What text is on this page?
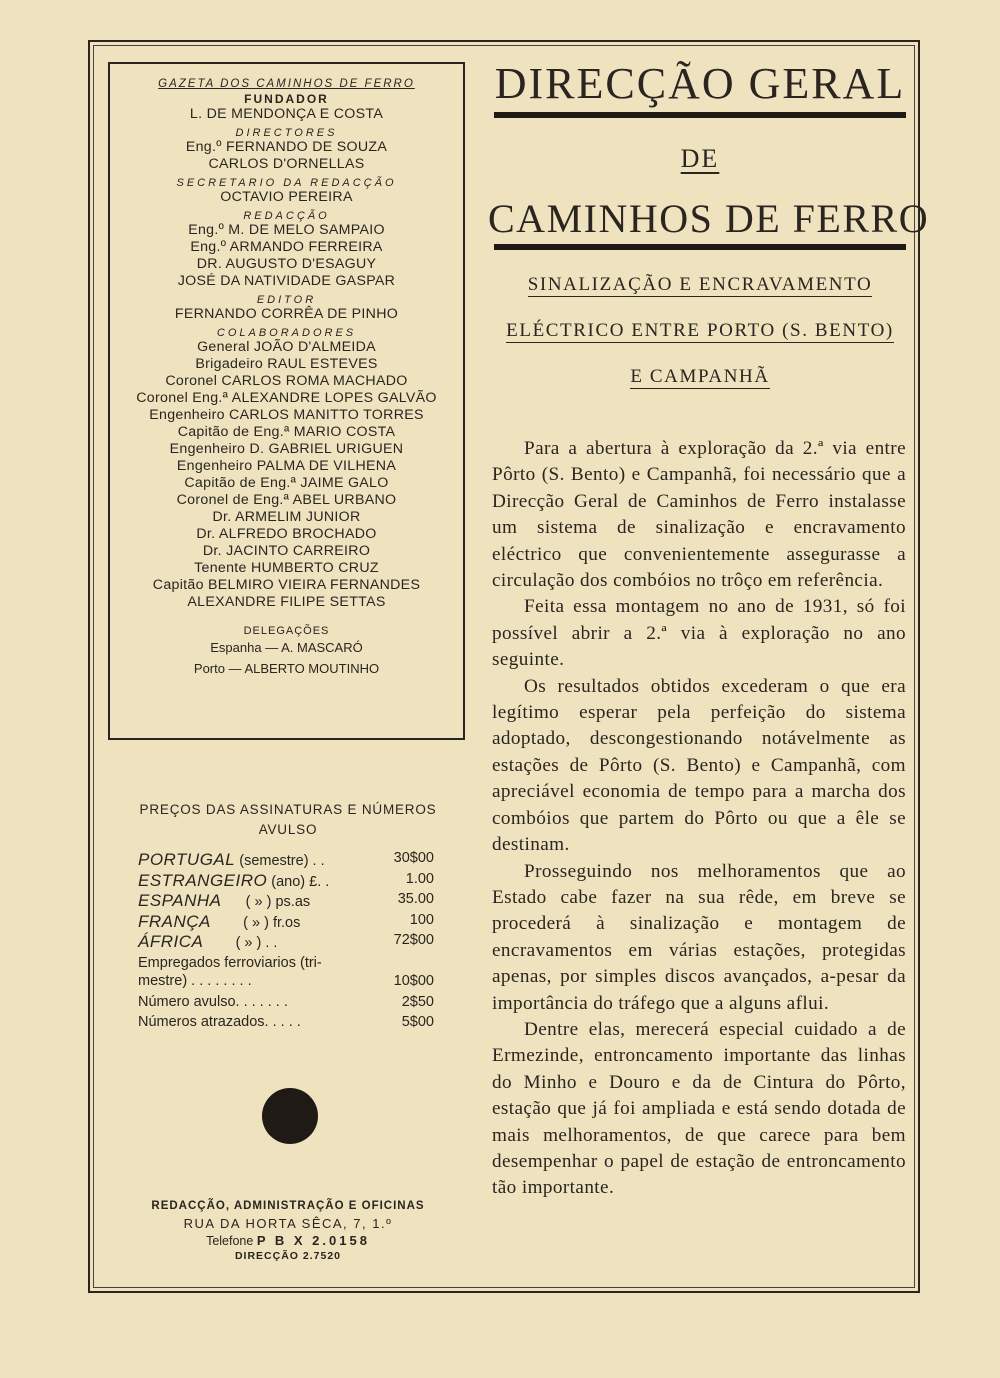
GAZETA DOS CAMINHOS DE FERRO
FUNDADOR
L. DE MENDONÇA E COSTA
DIRECTORES
Eng.º FERNANDO DE SOUZA
CARLOS D'ORNELLAS
SECRETARIO DA REDACÇÃO
OCTAVIO PEREIRA
REDACÇÃO
Eng.º M. DE MELO SAMPAIO
Eng.º ARMANDO FERREIRA
DR. AUGUSTO D'ESAGUY
JOSÉ DA NATIVIDADE GASPAR
EDITOR
FERNANDO CORRÊA DE PINHO
COLABORADORES
General JOÃO D'ALMEIDA
Brigadeiro RAUL ESTEVES
Coronel CARLOS ROMA MACHADO
Coronel Eng.ª ALEXANDRE LOPES GALVÃO
Engenheiro CARLOS MANITTO TORRES
Capitão de Eng.ª MARIO COSTA
Engenheiro D. GABRIEL URIGUEN
Engenheiro PALMA DE VILHENA
Capitão de Eng.ª JAIME GALO
Coronel de Eng.ª ABEL URBANO
Dr. ARMELIM JUNIOR
Dr. ALFREDO BROCHADO
Dr. JACINTO CARREIRO
Tenente HUMBERTO CRUZ
Capitão BELMIRO VIEIRA FERNANDES
ALEXANDRE FILIPE SETTAS
DELEGAÇÕES
Espanha — A. MASCARÓ
Porto — ALBERTO MOUTINHO
PREÇOS DAS ASSINATURAS E NÚMEROS
AVULSO
PORTUGAL (semestre) . .	30$00
ESTRANGEIRO (ano) £. .	1.00
ESPANHA      ( » ) ps.as	35.00
FRANÇA        ( » ) fr.os	100
ÁFRICA        ( » ) . .	72$00
Empregados ferroviarios (tri-
mestre) . . . . . . . .	10$00
Número avulso. . . . . . .	2$50
Números atrazados. . . . .	5$00
REDACÇÃO, ADMINISTRAÇÃO E OFICINAS
RUA DA HORTA SÊCA, 7, 1.º
Telefone P B X 2.0158
DIRECÇÃO 2.7520
DIRECÇÃO GERAL
DE
CAMINHOS DE FERRO
SINALIZAÇÃO E ENCRAVAMENTO
ELÉCTRICO ENTRE PORTO (S. BENTO)
E CAMPANHÃ

Para a abertura à exploração da 2.ª via entre Pôrto (S. Bento) e Campanhã, foi necessário que a Direcção Geral de Caminhos de Ferro instalasse um sistema de sinalização e encravamento eléctrico que convenientemente assegurasse a circulação dos combóios no trôço em referência.

Feita essa montagem no ano de 1931, só foi possível abrir a 2.ª via à exploração no ano seguinte.

Os resultados obtidos excederam o que era legítimo esperar pela perfeição do sistema adoptado, descongestionando notávelmente as estações de Pôrto (S. Bento) e Campanhã, com apreciável economia de tempo para a marcha dos combóios que partem do Pôrto ou que a êle se destinam.

Prosseguindo nos melhoramentos que ao Estado cabe fazer na sua rêde, em breve se procederá à sinalização e montagem de encravamentos em várias estações, protegidas apenas, por simples discos avançados, a-pesar da importância do tráfego que a alguns aflui.

Dentre elas, merecerá especial cuidado a de Ermezinde, entroncamento importante das linhas do Minho e Douro e da de Cintura do Pôrto, estação que já foi ampliada e está sendo dotada de mais melhoramentos, de que carece para bem desempenhar o papel de estação de entroncamento tão importante.
